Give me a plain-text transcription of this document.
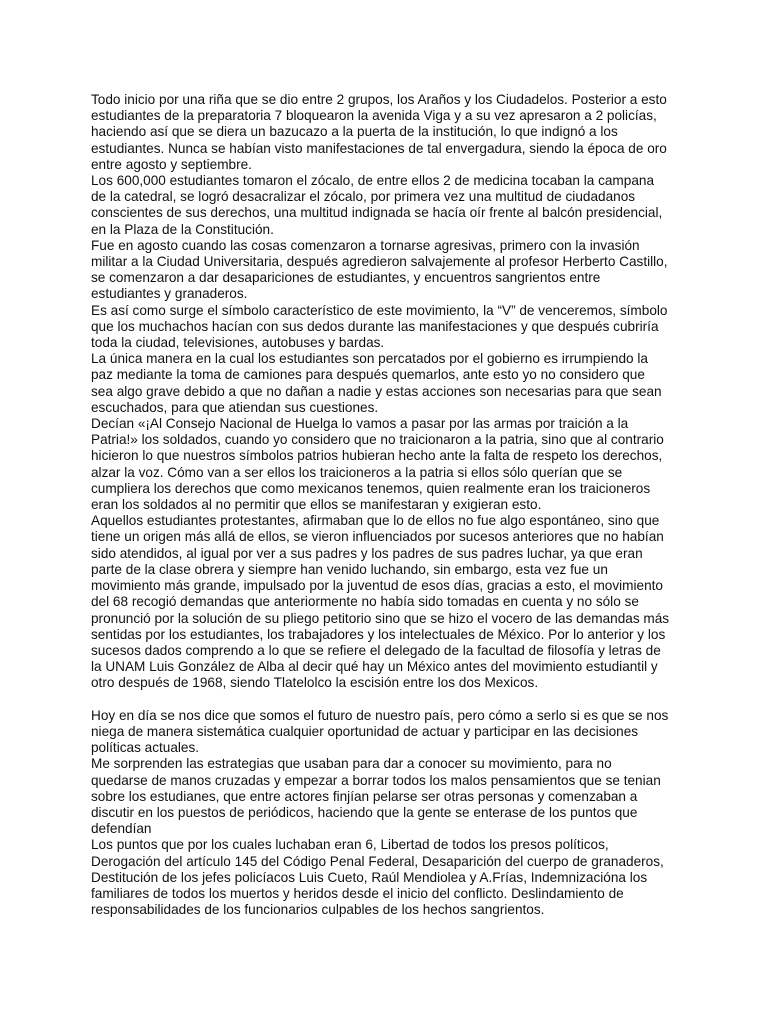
Todo inicio por una riña que se dio entre 2 grupos, los Araños y los Ciudadelos. Posterior a esto
estudiantes de la preparatoria 7 bloquearon la avenida Viga y a su vez apresaron a 2 policías,
haciendo así que se diera un bazucazo a la puerta de la institución, lo que indignó a los
estudiantes. Nunca se habían visto manifestaciones de tal envergadura, siendo la época de oro
entre agosto y septiembre.
Los 600,000 estudiantes tomaron el zócalo, de entre ellos 2 de medicina tocaban la campana
de la catedral, se logró desacralizar el zócalo, por primera vez una multitud de ciudadanos
conscientes de sus derechos, una multitud indignada se hacía oír frente al balcón presidencial,
en la Plaza de la Constitución.
Fue en agosto cuando las cosas comenzaron a tornarse agresivas, primero con la invasión
militar a la Ciudad Universitaria, después agredieron salvajemente al profesor Herberto Castillo,
se comenzaron a dar desapariciones de estudiantes, y encuentros sangrientos entre
estudiantes y granaderos.
Es así como surge el símbolo característico de este movimiento, la “V” de venceremos, símbolo
que los muchachos hacían con sus dedos durante las manifestaciones y que después cubriría
toda la ciudad, televisiones, autobuses y bardas.
La única manera en la cual los estudiantes son percatados por el gobierno es irrumpiendo la
paz mediante la toma de camiones para después quemarlos, ante esto yo no considero que
sea algo grave debido a que no dañan a nadie y estas acciones son necesarias para que sean
escuchados, para que atiendan sus cuestiones.
Decían «¡Al Consejo Nacional de Huelga lo vamos a pasar por las armas por traición a la
Patria!» los soldados, cuando yo considero que no traicionaron a la patria, sino que al contrario
hicieron lo que nuestros símbolos patrios hubieran hecho ante la falta de respeto los derechos,
alzar la voz. Cómo van a ser ellos los traicioneros a la patria si ellos sólo querían que se
cumpliera los derechos que como mexicanos tenemos, quien realmente eran los traicioneros
eran los soldados al no permitir que ellos se manifestaran y exigieran esto.
Aquellos estudiantes protestantes, afirmaban que lo de ellos no fue algo espontáneo, sino que
tiene un origen más allá de ellos, se vieron influenciados por sucesos anteriores que no habían
sido atendidos, al igual por ver a sus padres y los padres de sus padres luchar, ya que eran
parte de la clase obrera y siempre han venido luchando, sin embargo, esta vez fue un
movimiento más grande, impulsado por la juventud de esos días, gracias a esto, el movimiento
del 68 recogió demandas que anteriormente no había sido tomadas en cuenta y no sólo se
pronunció por la solución de su pliego petitorio sino que se hizo el vocero de las demandas más
sentidas por los estudiantes, los trabajadores y los intelectuales de México. Por lo anterior y los
sucesos dados comprendo a lo que se refiere el delegado de la facultad de filosofía y letras de
la UNAM Luis González de Alba al decir qué hay un México antes del movimiento estudiantil y
otro después de 1968, siendo Tlatelolco la escisión entre los dos Mexicos.
Hoy en día se nos dice que somos el futuro de nuestro país, pero cómo a serlo si es que se nos
niega de manera sistemática cualquier oportunidad de actuar y participar en las decisiones
políticas actuales.
Me sorprenden las estrategias que usaban para dar a conocer su movimiento, para no
quedarse de manos cruzadas y empezar a borrar todos los malos pensamientos que se tenian
sobre los estudianes, que entre actores finjían pelarse ser otras personas y comenzaban a
discutir en los puestos de periódicos, haciendo que la gente se enterase de los puntos que
defendían
Los puntos que por los cuales luchaban eran 6, Libertad de todos los presos políticos,
Derogación del artículo 145 del Código Penal Federal, Desaparición del cuerpo de granaderos,
Destitución de los jefes policíacos Luis Cueto, Raúl Mendiolea y A.Frías, Indemnizacióna los
familiares de todos los muertos y heridos desde el inicio del conflicto. Deslindamiento de
responsabilidades de los funcionarios culpables de los hechos sangrientos.
